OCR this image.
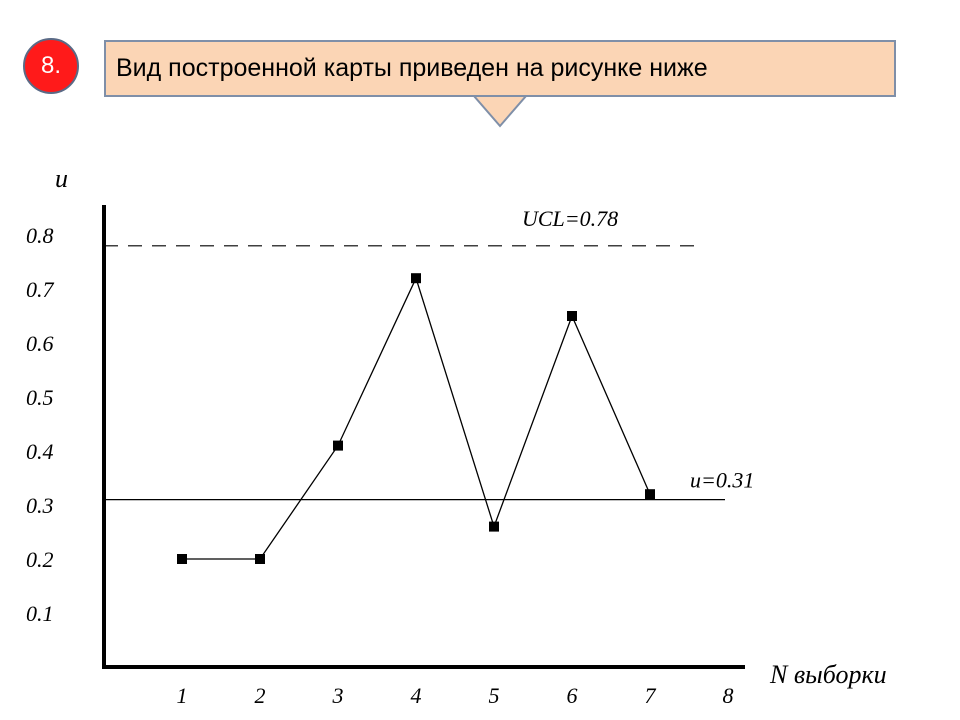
8. Вид построенной карты приведен на рисунке ниже
UCL=0.78
u=0.31
0.1
0.2
0.3
0.4
0.5
0.6
0.7
0.8
1	2	3	4	5	6	7	8
u
N выборки
